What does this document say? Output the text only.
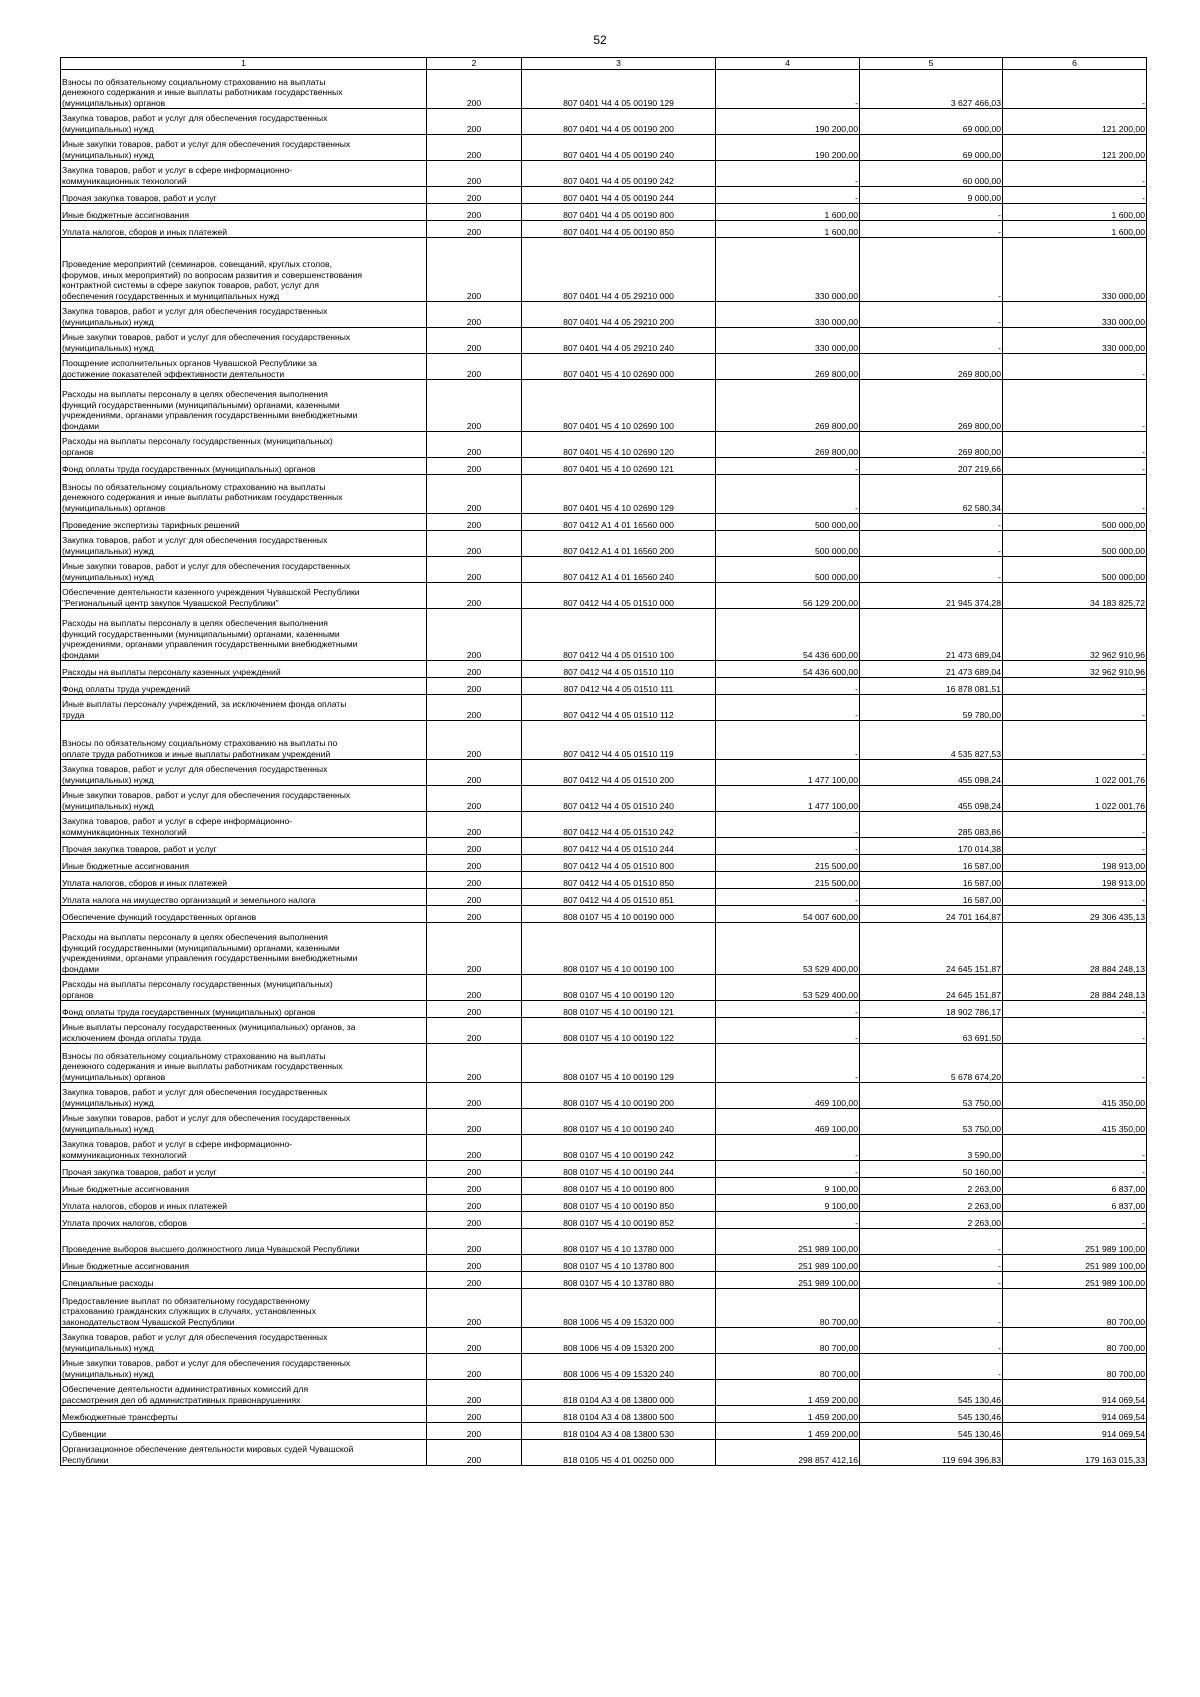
52
1	2	3	4	5	6
Взносы по обязательному социальному страхованию на выплаты
денежного содержания и иные выплаты работникам государственных
(муниципальных) органов	200	807 0401 Ч4 4 05 00190 129	-	3 627 466,03	-
Закупка товаров, работ и услуг для обеспечения государственных
(муниципальных) нужд	200	807 0401 Ч4 4 05 00190 200	190 200,00	69 000,00	121 200,00
Иные закупки товаров, работ и услуг для обеспечения государственных
(муниципальных) нужд	200	807 0401 Ч4 4 05 00190 240	190 200,00	69 000,00	121 200,00
Закупка товаров, работ и услуг в сфере информационно-
коммуникационных технологий	200	807 0401 Ч4 4 05 00190 242	-	60 000,00	-
Прочая закупка товаров, работ и услуг	200	807 0401 Ч4 4 05 00190 244	-	9 000,00	-
Иные бюджетные ассигнования	200	807 0401 Ч4 4 05 00190 800	1 600,00	-	1 600,00
Уплата налогов, сборов и иных платежей	200	807 0401 Ч4 4 05 00190 850	1 600,00	-	1 600,00

Проведение мероприятий (семинаров, совещаний, круглых столов,
форумов, иных мероприятий) по вопросам развития и совершенствования
контрактной системы в сфере закупок товаров, работ, услуг для
обеспечения государственных и муниципальных нужд	200	807 0401 Ч4 4 05 29210 000	330 000,00	-	330 000,00
Закупка товаров, работ и услуг для обеспечения государственных
(муниципальных) нужд	200	807 0401 Ч4 4 05 29210 200	330 000,00	-	330 000,00
Иные закупки товаров, работ и услуг для обеспечения государственных
(муниципальных) нужд	200	807 0401 Ч4 4 05 29210 240	330 000,00	-	330 000,00
Поощрение исполнительных органов Чувашской Республики за
достижение показателей эффективности деятельности	200	807 0401 Ч5 4 10 02690 000	269 800,00	269 800,00	-
Расходы на выплаты персоналу в целях обеспечения выполнения
функций государственными (муниципальными) органами, казенными
учреждениями, органами управления государственными внебюджетными
фондами	200	807 0401 Ч5 4 10 02690 100	269 800,00	269 800,00	-
Расходы на выплаты персоналу государственных (муниципальных)
органов	200	807 0401 Ч5 4 10 02690 120	269 800,00	269 800,00	-
Фонд оплаты труда государственных (муниципальных) органов	200	807 0401 Ч5 4 10 02690 121	-	207 219,66	-
Взносы по обязательному социальному страхованию на выплаты
денежного содержания и иные выплаты работникам государственных
(муниципальных) органов	200	807 0401 Ч5 4 10 02690 129	-	62 580,34	-
Проведение экспертизы тарифных решений	200	807 0412 А1 4 01 16560 000	500 000,00	-	500 000,00
Закупка товаров, работ и услуг для обеспечения государственных
(муниципальных) нужд	200	807 0412 А1 4 01 16560 200	500 000,00	-	500 000,00
Иные закупки товаров, работ и услуг для обеспечения государственных
(муниципальных) нужд	200	807 0412 А1 4 01 16560 240	500 000,00	-	500 000,00
Обеспечение деятельности казенного учреждения Чувашской Республики
"Региональный центр закупок Чувашской Республики"	200	807 0412 Ч4 4 05 01510 000	56 129 200,00	21 945 374,28	34 183 825,72
Расходы на выплаты персоналу в целях обеспечения выполнения
функций государственными (муниципальными) органами, казенными
учреждениями, органами управления государственными внебюджетными
фондами	200	807 0412 Ч4 4 05 01510 100	54 436 600,00	21 473 689,04	32 962 910,96
Расходы на выплаты персоналу казенных учреждений	200	807 0412 Ч4 4 05 01510 110	54 436 600,00	21 473 689,04	32 962 910,96
Фонд оплаты труда учреждений	200	807 0412 Ч4 4 05 01510 111	-	16 878 081,51	-
Иные выплаты персоналу учреждений, за исключением фонда оплаты
труда	200	807 0412 Ч4 4 05 01510 112	-	59 780,00	-

Взносы по обязательному социальному страхованию на выплаты по
оплате труда работников и иные выплаты работникам учреждений	200	807 0412 Ч4 4 05 01510 119	-	4 535 827,53	-
Закупка товаров, работ и услуг для обеспечения государственных
(муниципальных) нужд	200	807 0412 Ч4 4 05 01510 200	1 477 100,00	455 098,24	1 022 001,76
Иные закупки товаров, работ и услуг для обеспечения государственных
(муниципальных) нужд	200	807 0412 Ч4 4 05 01510 240	1 477 100,00	455 098,24	1 022 001,76
Закупка товаров, работ и услуг в сфере информационно-
коммуникационных технологий	200	807 0412 Ч4 4 05 01510 242	-	285 083,86	-
Прочая закупка товаров, работ и услуг	200	807 0412 Ч4 4 05 01510 244	-	170 014,38	-
Иные бюджетные ассигнования	200	807 0412 Ч4 4 05 01510 800	215 500,00	16 587,00	198 913,00
Уплата налогов, сборов и иных платежей	200	807 0412 Ч4 4 05 01510 850	215 500,00	16 587,00	198 913,00
Уплата налога на имущество организаций и земельного налога	200	807 0412 Ч4 4 05 01510 851	-	16 587,00	-
Обеспечение функций государственных органов	200	808 0107 Ч5 4 10 00190 000	54 007 600,00	24 701 164,87	29 306 435,13
Расходы на выплаты персоналу в целях обеспечения выполнения
функций государственными (муниципальными) органами, казенными
учреждениями, органами управления государственными внебюджетными
фондами	200	808 0107 Ч5 4 10 00190 100	53 529 400,00	24 645 151,87	28 884 248,13
Расходы на выплаты персоналу государственных (муниципальных)
органов	200	808 0107 Ч5 4 10 00190 120	53 529 400,00	24 645 151,87	28 884 248,13
Фонд оплаты труда государственных (муниципальных) органов	200	808 0107 Ч5 4 10 00190 121	-	18 902 786,17	-
Иные выплаты персоналу государственных (муниципальных) органов, за
исключением фонда оплаты труда	200	808 0107 Ч5 4 10 00190 122	-	63 691,50	-
Взносы по обязательному социальному страхованию на выплаты
денежного содержания и иные выплаты работникам государственных
(муниципальных) органов	200	808 0107 Ч5 4 10 00190 129	-	5 678 674,20	-
Закупка товаров, работ и услуг для обеспечения государственных
(муниципальных) нужд	200	808 0107 Ч5 4 10 00190 200	469 100,00	53 750,00	415 350,00
Иные закупки товаров, работ и услуг для обеспечения государственных
(муниципальных) нужд	200	808 0107 Ч5 4 10 00190 240	469 100,00	53 750,00	415 350,00
Закупка товаров, работ и услуг в сфере информационно-
коммуникационных технологий	200	808 0107 Ч5 4 10 00190 242	-	3 590,00	-
Прочая закупка товаров, работ и услуг	200	808 0107 Ч5 4 10 00190 244	-	50 160,00	-
Иные бюджетные ассигнования	200	808 0107 Ч5 4 10 00190 800	9 100,00	2 263,00	6 837,00
Уплата налогов, сборов и иных платежей	200	808 0107 Ч5 4 10 00190 850	9 100,00	2 263,00	6 837,00
Уплата прочих налогов, сборов	200	808 0107 Ч5 4 10 00190 852	-	2 263,00	-

Проведение выборов высшего должностного лица Чувашской Республики	200	808 0107 Ч5 4 10 13780 000	251 989 100,00	-	251 989 100,00
Иные бюджетные ассигнования	200	808 0107 Ч5 4 10 13780 800	251 989 100,00	-	251 989 100,00
Специальные расходы	200	808 0107 Ч5 4 10 13780 880	251 989 100,00	-	251 989 100,00
Предоставление выплат по обязательному государственному
страхованию гражданских служащих в случаях, установленных
законодательством Чувашской Республики	200	808 1006 Ч5 4 09 15320 000	80 700,00	-	80 700,00
Закупка товаров, работ и услуг для обеспечения государственных
(муниципальных) нужд	200	808 1006 Ч5 4 09 15320 200	80 700,00	-	80 700,00
Иные закупки товаров, работ и услуг для обеспечения государственных
(муниципальных) нужд	200	808 1006 Ч5 4 09 15320 240	80 700,00	-	80 700,00
Обеспечение деятельности административных комиссий для
рассмотрения дел об административных правонарушениях	200	818 0104 А3 4 08 13800 000	1 459 200,00	545 130,46	914 069,54
Межбюджетные трансферты	200	818 0104 А3 4 08 13800 500	1 459 200,00	545 130,46	914 069,54
Субвенции	200	818 0104 А3 4 08 13800 530	1 459 200,00	545 130,46	914 069,54
Организационное обеспечение деятельности мировых судей Чувашской
Республики	200	818 0105 Ч5 4 01 00250 000	298 857 412,16	119 694 396,83	179 163 015,33
